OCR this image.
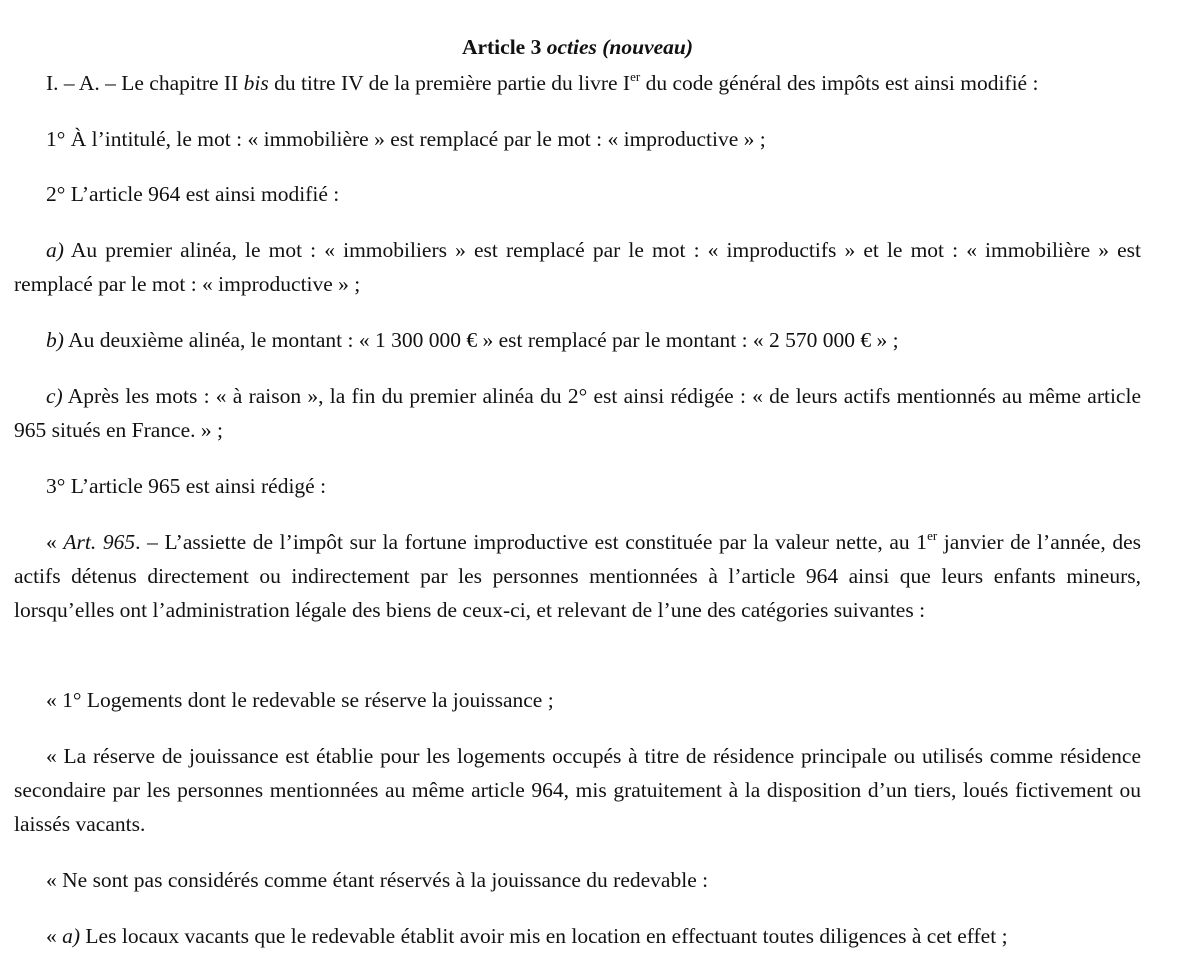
Article 3 octies (nouveau)

I. – A. – Le chapitre II bis du titre IV de la première partie du livre Ier du code général des impôts est ainsi modifié :

1° À l’intitulé, le mot : « immobilière » est remplacé par le mot : « improductive » ;

2° L’article 964 est ainsi modifié :

a) Au premier alinéa, le mot : « immobiliers » est remplacé par le mot : « improductifs » et le mot : « immobilière » est remplacé par le mot : « improductive » ;

b) Au deuxième alinéa, le montant : « 1 300 000 € » est remplacé par le montant : « 2 570 000 € » ;

c) Après les mots : « à raison », la fin du premier alinéa du 2° est ainsi rédigée : « de leurs actifs mentionnés au même article 965 situés en France. » ;

3° L’article 965 est ainsi rédigé :

« Art. 965. – L’assiette de l’impôt sur la fortune improductive est constituée par la valeur nette, au 1er janvier de l’année, des actifs détenus directement ou indirectement par les personnes mentionnées à l’article 964 ainsi que leurs enfants mineurs, lorsqu’elles ont l’administration légale des biens de ceux-ci, et relevant de l’une des catégories suivantes :

« 1° Logements dont le redevable se réserve la jouissance ;

« La réserve de jouissance est établie pour les logements occupés à titre de résidence principale ou utilisés comme résidence secondaire par les personnes mentionnées au même article 964, mis gratuitement à la disposition d’un tiers, loués fictivement ou laissés vacants.

« Ne sont pas considérés comme étant réservés à la jouissance du redevable :

« a) Les locaux vacants que le redevable établit avoir mis en location en effectuant toutes diligences à cet effet ;
